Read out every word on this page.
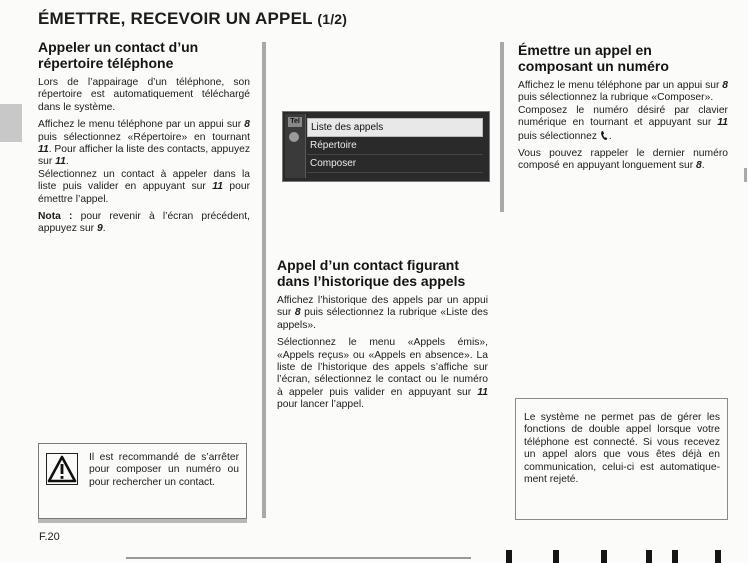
ÉMETTRE, RECEVOIR UN APPEL (1/2)
Appeler un contact d’un répertoire téléphone

Lors de l’appairage d’un téléphone, son répertoire est automatiquement téléchargé dans le système.

Affichez le menu téléphone par un appui sur 8 puis sélectionnez «Répertoire» en tournant 11. Pour afficher la liste des contacts, appuyez sur 11.
Sélectionnez un contact à appeler dans la liste puis valider en appuyant sur 11 pour émettre l’appel.

Nota : pour revenir à l’écran précédent, appuyez sur 9.

Il est recommandé de s’arrêter pour composer un numéro ou pour rechercher un contact.
Tel
Liste des appels
Répertoire
Composer
Appel d’un contact figurant dans l’historique des appels

Affichez l’historique des appels par un appui sur 8 puis sélectionnez la rubrique «Liste des appels».

Sélectionnez le menu «Appels émis», «Appels reçus» ou «Appels en absence». La liste de l’historique des appels s’affiche sur l’écran, sélectionnez le contact ou le numéro à appeler puis valider en appuyant sur 11 pour lancer l’appel.

Émettre un appel en composant un numéro

Affichez le menu téléphone par un appui sur 8 puis sélectionnez la rubrique «Composer».
Composez le numéro désiré par clavier numérique en tournant et appuyant sur 11 puis sélectionnez .

Vous pouvez rappeler le dernier numéro composé en appuyant longuement sur 8.

Le système ne permet pas de gérer les fonctions de double appel lorsque votre téléphone est connecté. Si vous recevez un appel alors que vous êtes déjà en communication, celui-ci est automatiquement rejeté.
F.20
